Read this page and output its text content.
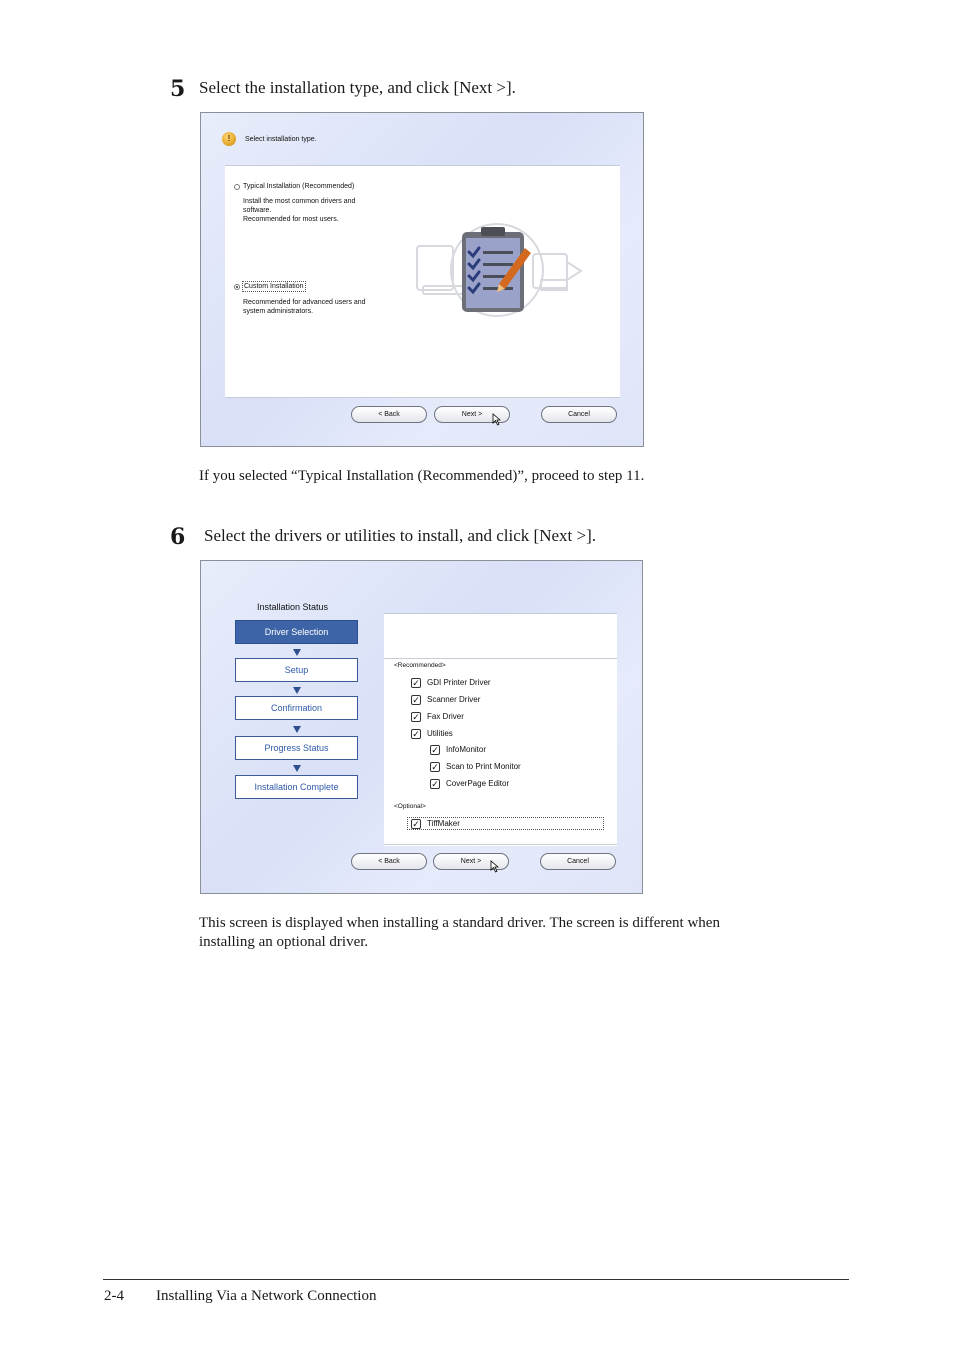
5 Select the installation type, and click [Next >].
!	Select installation type.
Typical Installation (Recommended)
Install the most common drivers and
software.
Recommended for most users.
Custom Installation
Recommended for advanced users and
system administrators.
< Back	Next >	Cancel
If you selected “Typical Installation (Recommended)”, proceed to step 11.
6 Select the drivers or utilities to install, and click [Next >].
Installation Status
Driver Selection
Setup
Confirmation
Progress Status
Installation Complete
<Recommended>
✓ GDI Printer Driver
✓ Scanner Driver
✓ Fax Driver
✓ Utilities
✓ InfoMonitor
✓ Scan to Print Monitor
✓ CoverPage Editor
<Optional>
✓ TiffMaker
< Back	Next >	Cancel
This screen is displayed when installing a standard driver. The screen is different when
installing an optional driver.
2-4 Installing Via a Network Connection
